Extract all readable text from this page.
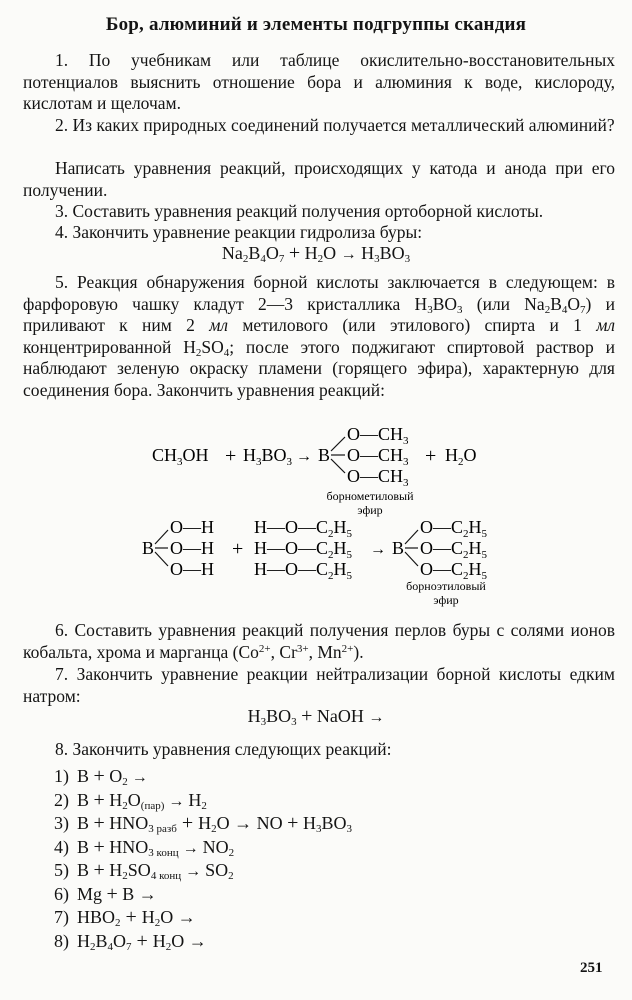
Бор, алюминий и элементы подгруппы скандия
1. По учебникам или таблице окислительно-восстановительных потенциалов выяснить отношение бора и алюминия к воде, кислороду, кислотам и щелочам.
2. Из каких природных соединений получается металлический алюминий?
Написать уравнения реакций, происходящих у катода и анода при его получении.
3. Составить уравнения реакций получения ортоборной кислоты.
4. Закончить уравнение реакции гидролиза буры:
$Na_2B_4O_7 + H_2O \to H_3BO_3$
5. Реакция обнаружения борной кислоты заключается в следующем: в фарфоровую чашку кладут 2—3 кристаллика $H_3BO_3$ (или $Na_2B_4O_7$) и приливают к ним 2 мл метилового (или этилового) спирта и 1 мл концентрированной $H_2SO_4$; после этого поджигают спиртовой раствор и наблюдают зеленую окраску пламени (горящего эфира), характерную для соединения бора. Закончить уравнения реакций:
$CH_3OH + H_3BO_3 \to B$
$O—CH_3$
$O—CH_3$
$O—CH_3$
+ $H_2O$
борнометиловый
эфир
B
O—H
O—H
O—H
+
$H—O—C_2H_5$
$H—O—C_2H_5$
$H—O—C_2H_5$
→ B
$O—C_2H_5$
$O—C_2H_5$
$O—C_2H_5$
борноэтиловый
эфир
6. Составить уравнения реакций получения перлов буры с солями ионов кобальта, хрома и марганца ($Co^{2+}$, $Cr^{3+}$, $Mn^{2+}$).
7. Закончить уравнение реакции нейтрализации борной кислоты едким натром:
$H_3BO_3$ + NaOH →
8. Закончить уравнения следующих реакций:
1) $B + O_2$ →
2) $B + H_2O_{(пар)} \to H_2$
3) $B + HNO_{3 разб} + H_2O$ → NO + $H_3BO_3$
4) $B + HNO_{3 конц} \to NO_2$
5) $B + H_2SO_{4 конц} \to SO_2$
6) Mg + B →
7) $HBO_2 + H_2O$ →
8) $H_2B_4O_7 + H_2O$ →
251
